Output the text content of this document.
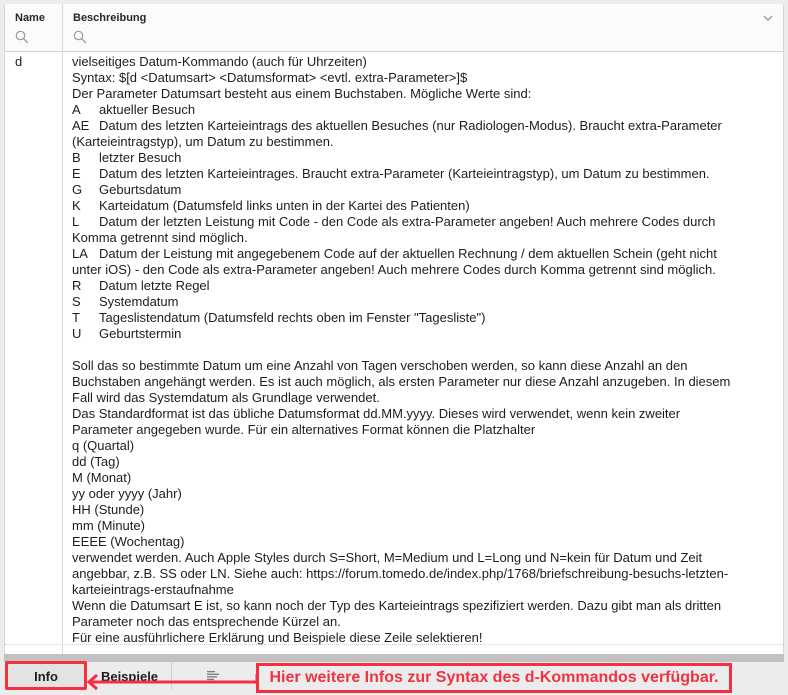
Name	Beschreibung
d	vielseitiges Datum-Kommando (auch für Uhrzeiten)
Syntax: $[d <Datumsart> <Datumsformat> <evtl. extra-Parameter>]$
Der Parameter Datumsart besteht aus einem Buchstaben. Mögliche Werte sind:
A aktueller Besuch
AE Datum des letzten Karteieintrags des aktuellen Besuches (nur Radiologen-Modus). Braucht extra-Parameter
(Karteieintragstyp), um Datum zu bestimmen.
B letzter Besuch
E Datum des letzten Karteieintrages. Braucht extra-Parameter (Karteieintragstyp), um Datum zu bestimmen.
G Geburtsdatum
K Karteidatum (Datumsfeld links unten in der Kartei des Patienten)
L Datum der letzten Leistung mit Code - den Code als extra-Parameter angeben! Auch mehrere Codes durch
Komma getrennt sind möglich.
LA Datum der Leistung mit angegebenem Code auf der aktuellen Rechnung / dem aktuellen Schein (geht nicht
unter iOS) - den Code als extra-Parameter angeben! Auch mehrere Codes durch Komma getrennt sind möglich.
R Datum letzte Regel
S Systemdatum
T Tageslistendatum (Datumsfeld rechts oben im Fenster "Tagesliste")
U Geburtstermin

Soll das so bestimmte Datum um eine Anzahl von Tagen verschoben werden, so kann diese Anzahl an den
Buchstaben angehängt werden. Es ist auch möglich, als ersten Parameter nur diese Anzahl anzugeben. In diesem
Fall wird das Systemdatum als Grundlage verwendet.
Das Standardformat ist das übliche Datumsformat dd.MM.yyyy. Dieses wird verwendet, wenn kein zweiter
Parameter angegeben wurde. Für ein alternatives Format können die Platzhalter
q (Quartal)
dd (Tag)
M (Monat)
yy oder yyyy (Jahr)
HH (Stunde)
mm (Minute)
EEEE (Wochentag)
verwendet werden. Auch Apple Styles durch S=Short, M=Medium und L=Long und N=kein für Datum und Zeit
angebbar, z.B. SS oder LN. Siehe auch: https://forum.tomedo.de/index.php/1768/briefschreibung-besuchs-letzten-
karteieintrags-erstaufnahme
Wenn die Datumsart E ist, so kann noch der Typ des Karteieintrags spezifiziert werden. Dazu gibt man als dritten
Parameter noch das entsprechende Kürzel an.
Für eine ausführlichere Erklärung und Beispiele diese Zeile selektieren!
Info	Beispiele	Hier weitere Infos zur Syntax des d-Kommandos verfügbar.
